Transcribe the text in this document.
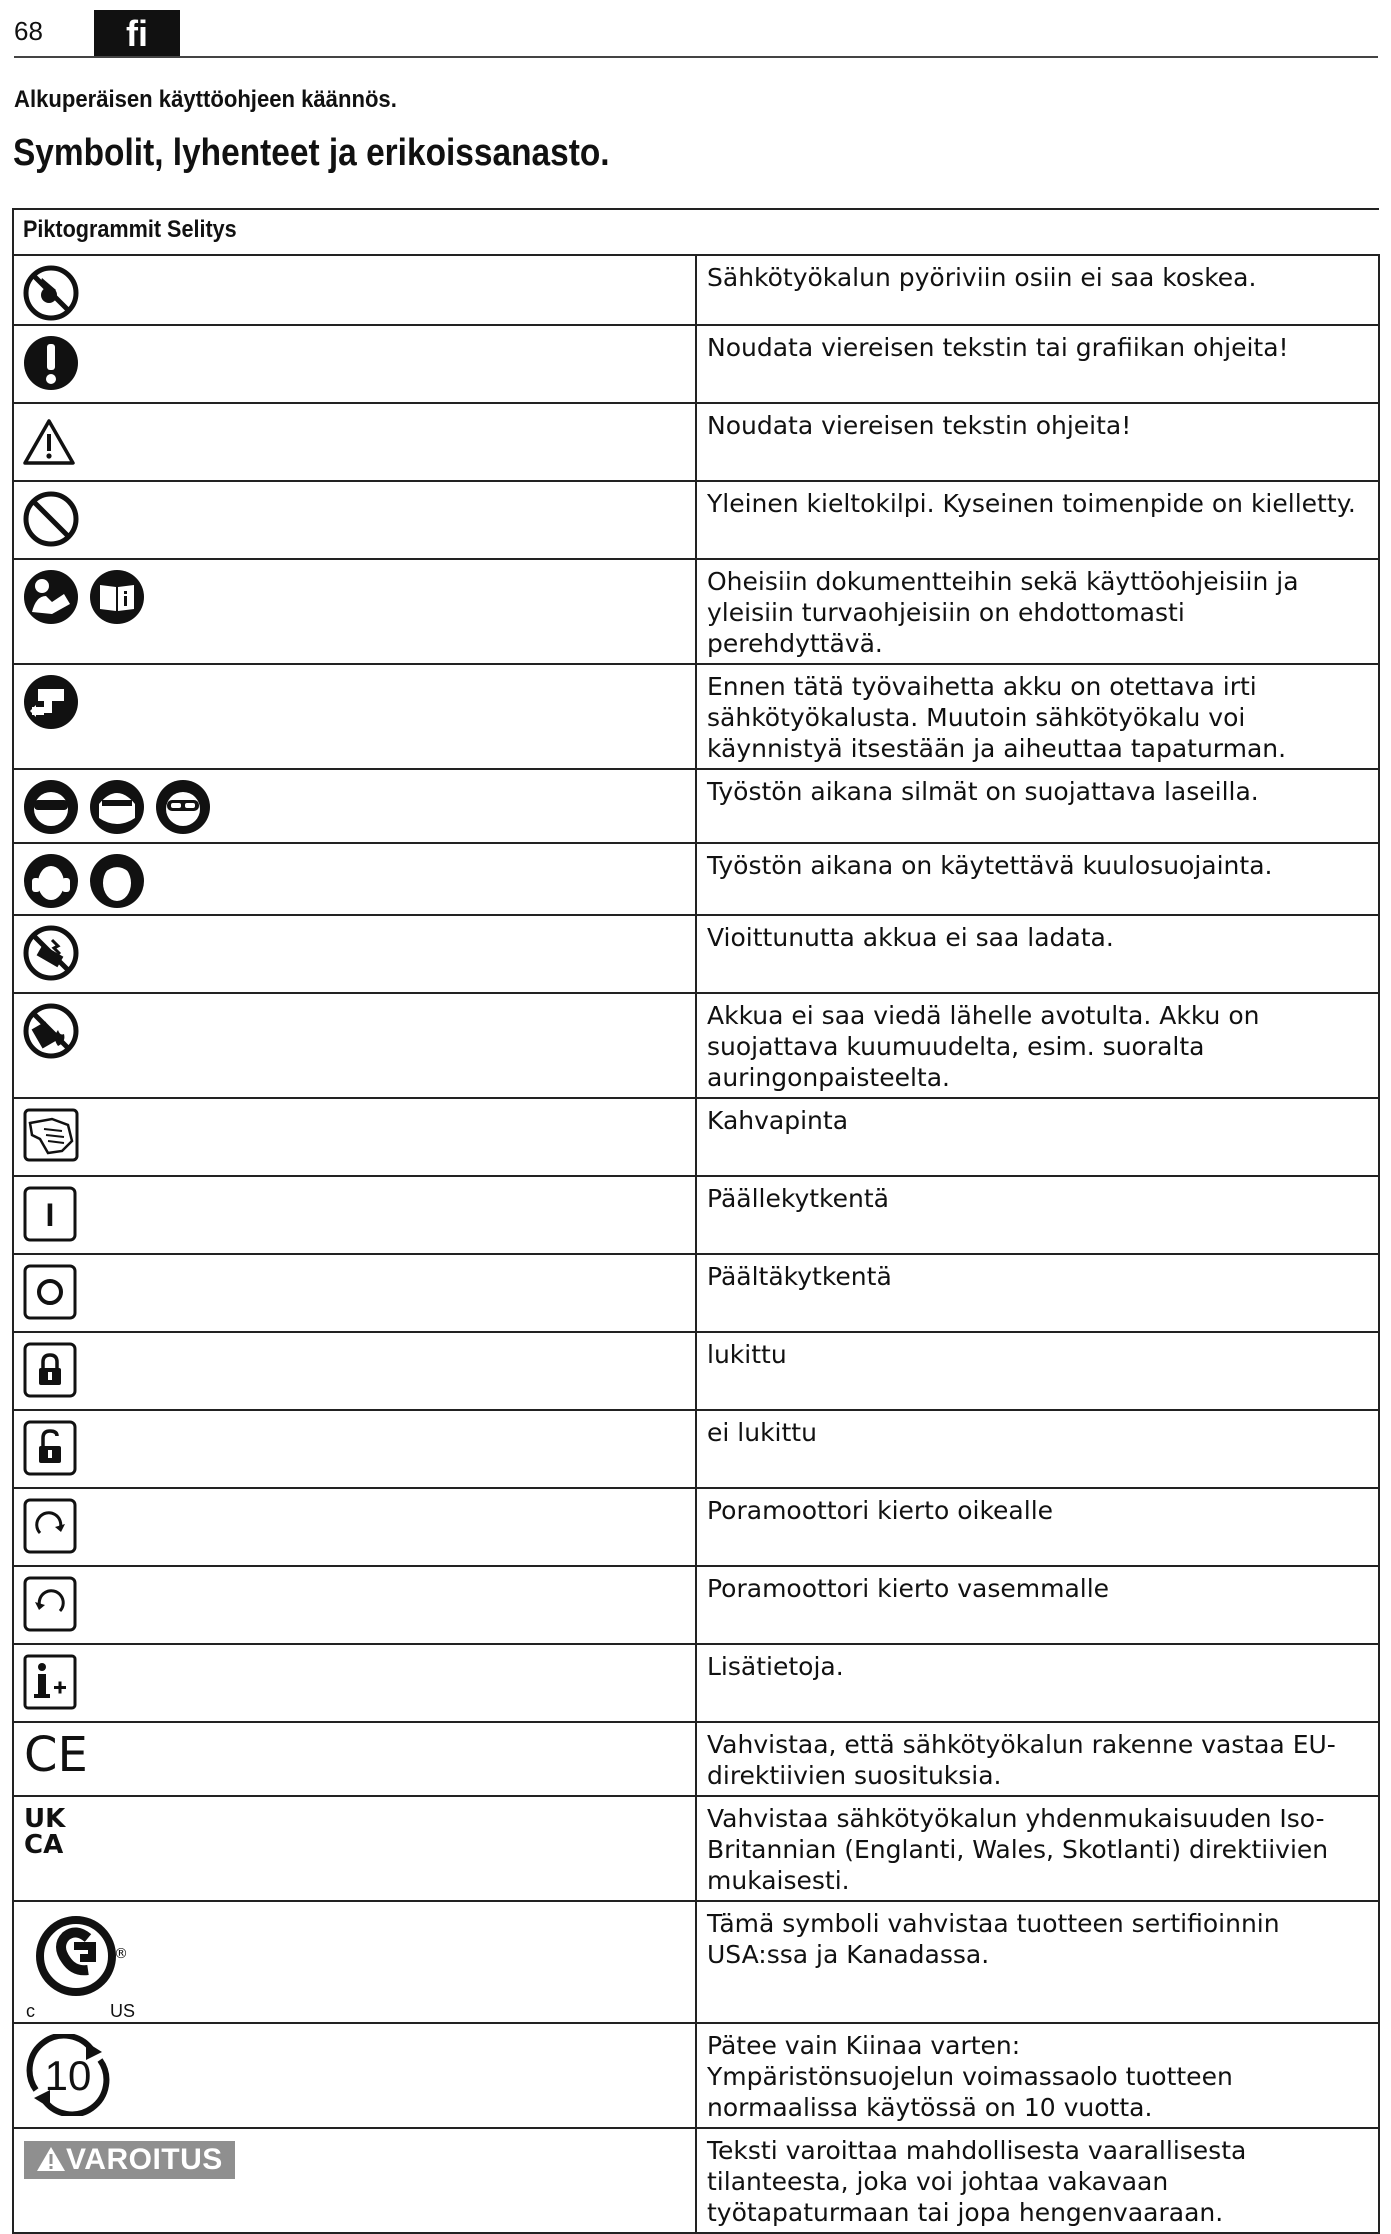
68	fi
Alkuperäisen käyttöohjeen käännös.
Symbolit, lyhenteet ja erikoissanasto.
Piktogrammit Selitys	

	Sähkötyökalun pyöriviin osiin ei saa koskea.

	Noudata viereisen tekstin tai grafiikan ohjeita!

	Noudata viereisen tekstin ohjeita!

	Yleinen kieltokilpi. Kyseinen toimenpide on kielletty.

	Oheisiin dokumentteihin sekä käyttöohjeisiin ja yleisiin turvaohjeisiin on ehdottomasti perehdyttävä.

	Ennen tätä työvaihetta akku on otettava irti sähkötyökalusta. Muutoin sähkötyökalu voi käynnistyä itsestään ja aiheuttaa tapaturman.

	Työstön aikana silmät on suojattava laseilla.

	Työstön aikana on käytettävä kuulosuojainta.

	Vioittunutta akkua ei saa ladata.

	Akkua ei saa viedä lähelle avotulta. Akku on suojattava kuumuudelta, esim. suoralta auringonpaisteelta.

	Kahvapinta

I	Päällekytkentä

	Päältäkytkentä

	lukittu

	ei lukittu

	Poramoottori kierto oikealle

	Poramoottori kierto vasemmalle

	Lisätietoja.

CE	Vahvistaa, että sähkötyökalun rakenne vastaa EU-direktiivien suosituksia.

UK
CA	Vahvistaa sähkötyökalun yhdenmukaisuuden Iso-Britannian (Englanti, Wales, Skotlanti) direktiivien mukaisesti.

®
c US	Tämä symboli vahvistaa tuotteen sertifioinnin USA:ssa ja Kanadassa.

10	Pätee vain Kiinaa varten:
Ympäristönsuojelun voimassaolo tuotteen normaalissa käytössä on 10 vuotta.

VAROITUS	Teksti varoittaa mahdollisesta vaarallisesta tilanteesta, joka voi johtaa vakavaan työtapaturmaan tai jopa hengenvaaraan.
